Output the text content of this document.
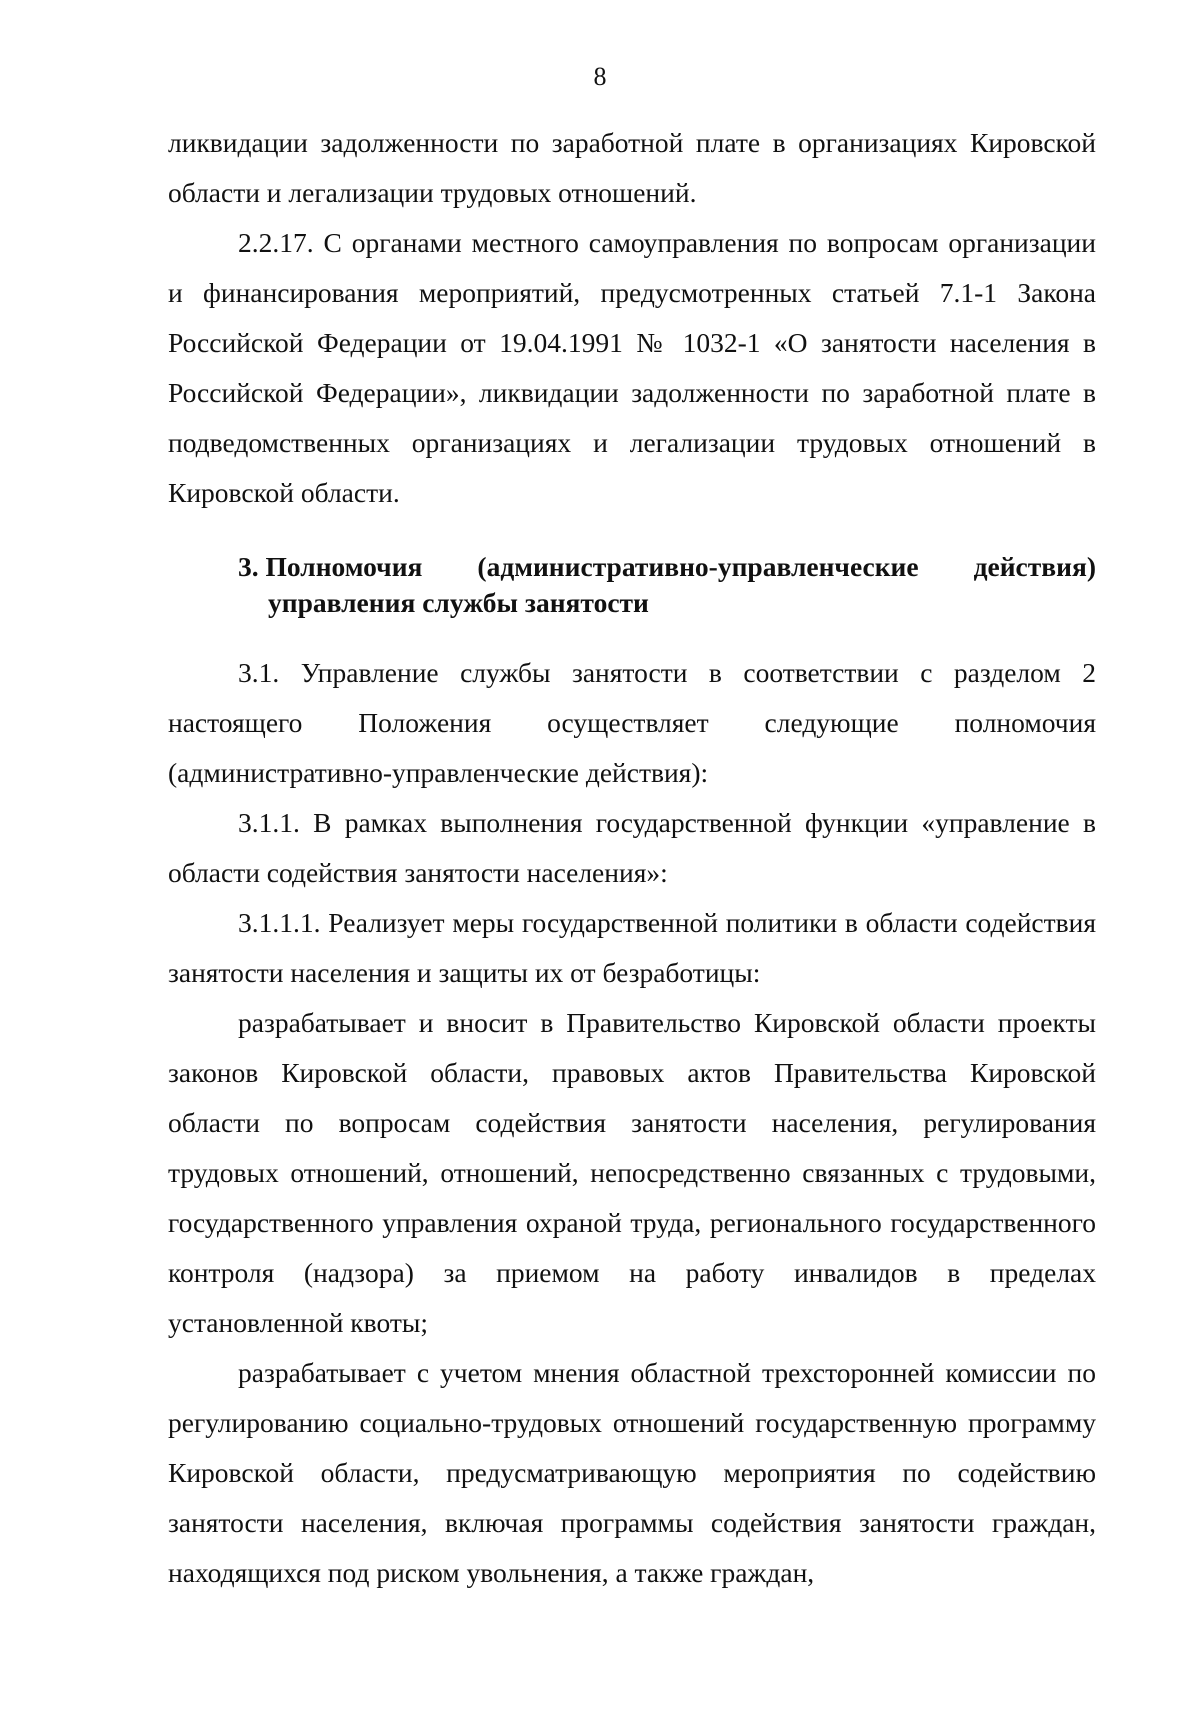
8

ликвидации задолженности по заработной плате в организациях Кировской области и легализации трудовых отношений.

2.2.17. С органами местного самоуправления по вопросам организации и финансирования мероприятий, предусмотренных статьей 7.1-1 Закона Российской Федерации от 19.04.1991 № 1032-1 «О занятости населения в Российской Федерации», ликвидации задолженности по заработной плате в подведомственных организациях и легализации трудовых отношений в Кировской области.

3. Полномочия (административно-управленческие действия)
управления службы занятости

3.1. Управление службы занятости в соответствии с разделом 2 настоящего Положения осуществляет следующие полномочия (административно-управленческие действия):

3.1.1. В рамках выполнения государственной функции «управление в области содействия занятости населения»:

3.1.1.1. Реализует меры государственной политики в области содействия занятости населения и защиты их от безработицы:

разрабатывает и вносит в Правительство Кировской области проекты законов Кировской области, правовых актов Правительства Кировской области по вопросам содействия занятости населения, регулирования трудовых отношений, отношений, непосредственно связанных с трудовыми, государственного управления охраной труда, регионального государственного контроля (надзора) за приемом на работу инвалидов в пределах установленной квоты;

разрабатывает с учетом мнения областной трехсторонней комиссии по регулированию социально-трудовых отношений государственную программу Кировской области, предусматривающую мероприятия по содействию занятости населения, включая программы содействия занятости граждан, находящихся под риском увольнения, а также граждан,
